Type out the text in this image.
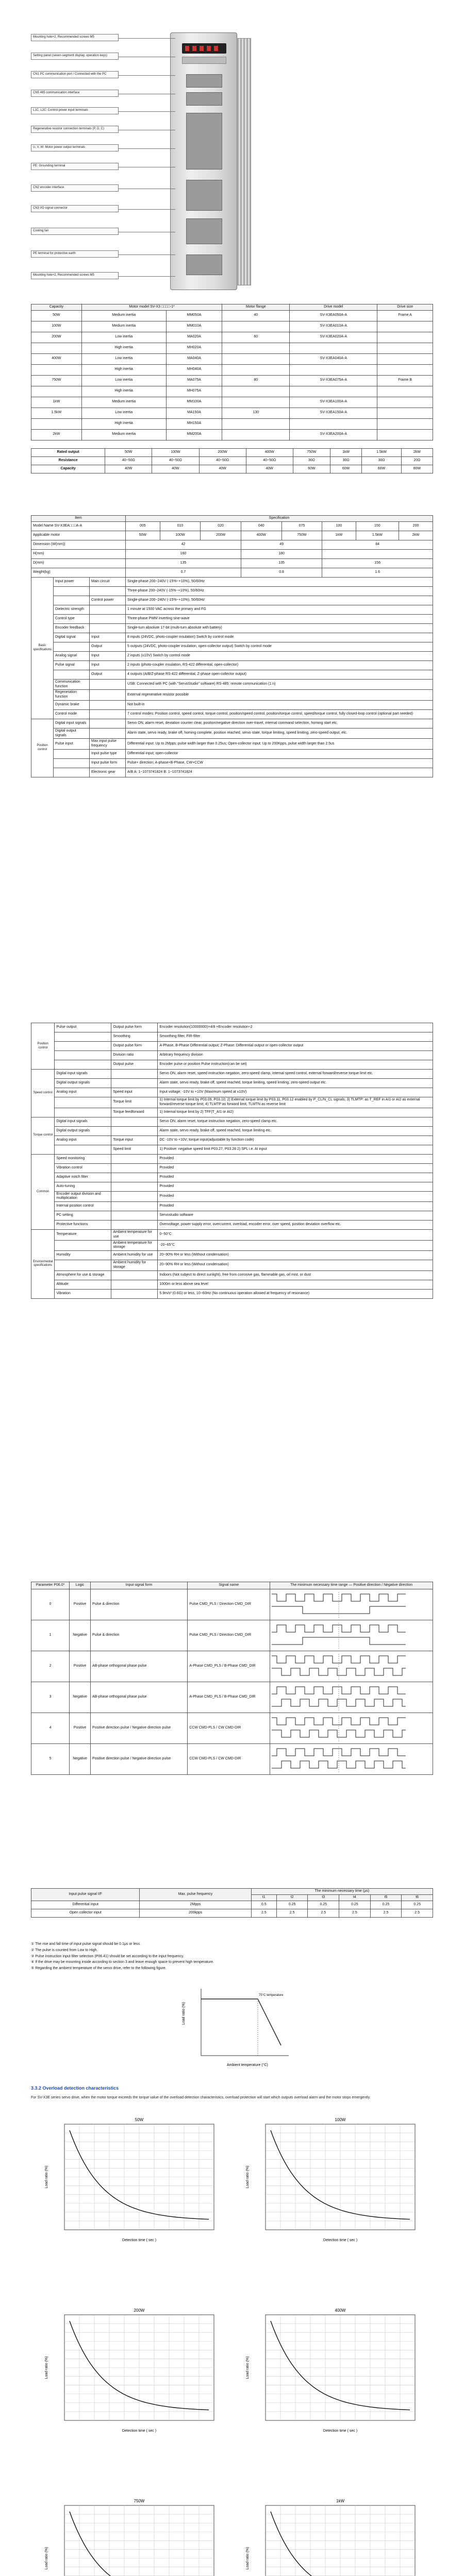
Mounting hole×2, Recommended screws M5
Setting panel (seven-segment display, operation keys)
CN1 PC communication port / Connected with the PC
CN5 485 communication interface
L1C, L2C: Control power input terminals
Regenerative resistor connection terminals (P, D, C)
U, V, W: Motor power output terminals
PE: Grounding terminal
CN2 encoder interface
CN3 I/O signal connector
Cooling fan
PE terminal for protective earth
Mounting hole×2, Recommended screws M5
Capacity	Motor model SV-X3 □□□□-1*		Motor flange	Drive model	Drive size
50W	Medium inertia	MM050A	40	SV-X3EA050A-A	Frame A
100W	Medium inertia	MM010A		SV-X3EA010A-A	
200W	Low inertia	MA020A	60	SV-X3EA020A-A	
	High inertia	MH020A			
400W	Low inertia	MA040A		SV-X3EA040A-A	
	High inertia	MH040A			
750W	Low inertia	MA075A	80	SV-X3EA075A-A	Frame B
	High inertia	MH075A			
1kW	Medium inertia	MM100A		SV-X3EA100A-A	
1.5kW	Low inertia	MA150A	130	SV-X3EA150A-A	
	High inertia	MH150A			
2kW	Medium inertia	MM200A		SV-X3EA200A-A	
Rated output	50W	100W	200W	400W	750W	1kW	1.5kW	2kW
Resistance	40~50Ω	40~50Ω	40~50Ω	40~50Ω	30Ω	30Ω	30Ω	20Ω
Capacity	40W	40W	40W	40W	60W	60W	60W	80W
Item			Specification							
Model Name SV-X3EA□□□A-A			005	010	020	040	075	100	150	200
Applicable motor			50W	100W	200W	400W	750W	1kW	1.5kW	2kW
Dimension (W(mm))			42			49		84		
H(mm)			160			180				
D(mm)			135			135		156		
Weight(kg)			0.7			0.8		1.6		
Basic specifications	Input power	Main circuit	Single-phase 200~240V (-15%~+10%), 50/60Hz							
			Three-phase 200~240V (-15%~+10%), 50/60Hz							
		Control power	Single-phase 200~240V (-15%~+10%), 50/60Hz							
	Dielectric strength		1 minute at 1500 VAC across the primary and FG							
	Control type		Three-phase PWM inverting sine-wave							
	Encoder feedback		Single-turn absolute 17-bit (multi-turn absolute with battery)							
	Digital signal	Input	8 inputs (24VDC, photo-coupler insulation) Switch by control mode							
		Output	5 outputs (24VDC, photo-coupler insulation, open-collector output) Switch by control mode							
	Analog signal	Input	2 inputs (±10V) Switch by control mode							
	Pulse signal	Input	2 inputs (photo-coupler insulation, RS-422 differential, open-collector)							
		Output	4 outputs (A/B/Z-phase RS-422 differential, Z-phase open-collector output)							
	Communication function		USB: Connected with PC (with "ServoStudio" software) RS-485: remote communication (1:n)							
	Regeneration function		External regenerative resistor possible							
	Dynamic brake		Not built-in							
	Control mode		7 control modes: Position control, speed control, torque control, position/speed control, position/torque control, speed/torque control, fully closed-loop control (optional part needed)							
Position control	Digital input signals		Servo ON, alarm reset, deviation counter clear, position/negative direction over-travel, internal command selection, homing start etc.							
	Digital output signals		Alarm state, servo ready, brake off, homing complete, position reached, servo state, torque limiting, speed limiting, zero-speed output, etc.							
	Pulse input	Max input pulse frequency	Differential input: Up to 2Mpps; pulse width larger than 0.25us; Open-collector input: Up to 200Kpps, pulse width larger than 2.5us							
		Input pulse type	Differential input; open-collector							
		Input pulse form	Pulse+ direction; A-phase+B-Phase, CW+CCW							
		Electronic gear	A/B A: 1~1073741824 B: 1~1073741824							
Position control	Pulse output	Output pulse form	Encoder resolution(10000000)×4/8 ×Encoder resolution÷2
		Smoothing	Smoothing filter, FIR-filter
		Output pulse form	A-Phase, B-Phase Differential output; Z-Phase: Differential output or open-collector output
		Division ratio	Arbitrary frequency division
		Output pulse	Encoder pulse or position Pulse instruction(can be set)
Speed control	Digital input signals		Servo ON, alarm reset, speed instruction negation, zero-speed clamp, internal speed control, external forward/reverse torque limit etc.
	Digital output signals		Alarm state, servo ready, brake off, speed reached, torque limiting, speed limiting, zero-speed output etc.
	Analog input	Speed input	Input voltage: -10V to +10V (Maximum speed at ±10V)
		Torque limit	1) Internal torque limit by P03.09, P03.10; 2) External torque limit by P03.11, P03.12 enabled by P_CL/N_CL signals; 3) TLMTP: as T_REF in AI1 or AI2 as external forward/reverse torque limit; 4) TLMTP as forward limit, TLMTN as reverse limit
		Torque feedforward	1) Internal torque limit by 2) TFF(T_AI1 or AI2)
Torque control	Digital input signals		Servo ON, alarm reset, torque instruction negation, zero-speed clamp etc.
	Digital output signals		Alarm state, servo ready, brake off, speed reached, torque limiting etc.
	Analog input	Torque input	DC -10V to +10V; torque input(adjustable by function code)
		Speed limit	1) Positive: negative speed limit P03.27, P03.28 2) SPL i.e. AI input
Common	Speed monitoring		Provided
	Vibration control		Provided
	Adaptive notch filter		Provided
	Auto-tuning		Provided
	Encoder output division and multiplication		Provided
	Internal position control		Provided
	PC setting		Servostudio software
	Protective functions		Overvoltage, power supply error, overcurrent, overload, encoder error, over speed, position deviation overflow etc.
Environmental specifications	Temperature	Ambient temperature for use	0~50°C
		Ambient temperature for storage	-20~65°C
	Humidity	Ambient humidity for use	20~90% RH or less (Without condensation)
		Ambient humidity for storage	20~90% RH or less (Without condensation)
	Atmosphere for use & storage		Indoors (Not subject to direct sunlight), free from corrosive gas, flammable gas, oil mist, or dust
	Altitude		1000m or less above sea level
	Vibration		5.9m/s² (0.6G) or less, 10~60Hz (No continuous operation allowed at frequency of resonance)
Parameter P06.0*	Logic	Input signal form	Signal name	The minimum necessary time range — Positive direction / Negative direction
0	Positive	Pulse & direction	Pulse CMD_PLS / Direction CMD_DIR	

1	Negative	Pulse & direction	Pulse CMD_PLS / Direction CMD_DIR	

2	Positive	AB-phase orthogonal phase pulse	A-Phase CMD_PLS / B-Phase CMD_DIR	

3	Negative	AB-phase orthogonal phase pulse	A-Phase CMD_PLS / B-Phase CMD_DIR	

4	Positive	Positive direction pulse / Negative direction pulse	CCW CMD-PLS / CW CMD-DIR	

5	Negative	Positive direction pulse / Negative direction pulse	CCW CMD-PLS / CW CMD-DIR	
Input pulse signal I/F	Max. pulse frequency	The minimum necessary time (μs)					
		t1	t2	t3	t4	t5	t6
Differential input	2Mpps	0.5	0.25	0.25	0.25	0.25	0.25
Open collector input	200kpps	2.5	2.5	2.5	2.5	2.5	2.5

① The rise and fall time of input pulse signal should be 0.1μs or less.

② The pulse is counted from Low to High.

③ Pulse instruction input filter selection (P06.41) should be set according to the input frequency.

④ If the drive may be mounting inside according to section 3 and leave enough space to prevent high temperature.

⑤ Regarding the ambient temperature of the servo drive, refer to the following figure.

Load ratio (%)
Ambient temperature (°C)
75°C temperature
3.3.2 Overload detection characteristics
For SV-X3E series servo drive, when the motor torque exceeds the torque value of the overload detection characteristics, overload protection will start which outputs overload alarm and the motor stops emergently.
50W
Detection time ( sec )
Load ratio (%)
100W
Detection time ( sec )
Load ratio (%)
200W
Detection time ( sec )
Load ratio (%)
400W
Detection time ( sec )
Load ratio (%)
750W
Load ratio (%)
1kW
Load ratio (%)
